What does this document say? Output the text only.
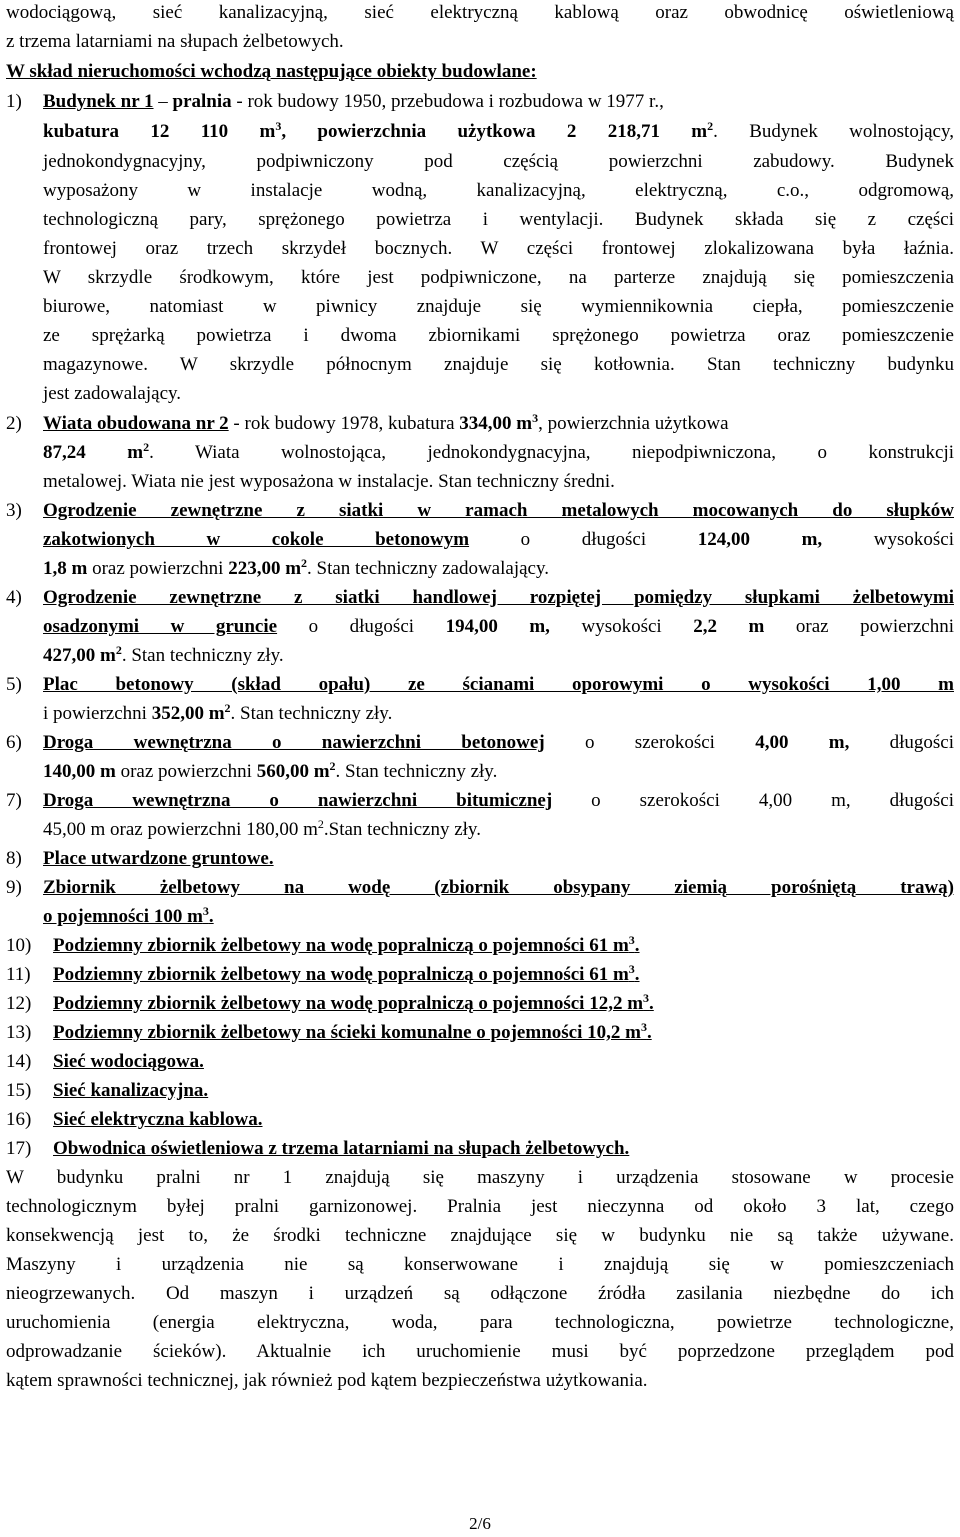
wodociągową, sieć kanalizacyjną, sieć elektryczną kablową oraz obwodnicę oświetleniową
z trzema latarniami na słupach żelbetowych.
W skład nieruchomości wchodzą następujące obiekty budowlane:
1) Budynek nr 1 – pralnia - rok budowy 1950, przebudowa i rozbudowa w 1977 r.,
kubatura 12 110 $m^3$, powierzchnia użytkowa 2 218,71 $m^2$. Budynek wolnostojący,
jednokondygnacyjny, podpiwniczony pod częścią powierzchni zabudowy. Budynek
wyposażony w instalacje wodną, kanalizacyjną, elektryczną, c.o., odgromową,
technologiczną pary, sprężonego powietrza i wentylacji. Budynek składa się z części
frontowej oraz trzech skrzydeł bocznych. W części frontowej zlokalizowana była łaźnia.
W skrzydle środkowym, które jest podpiwniczone, na parterze znajdują się pomieszczenia
biurowe, natomiast w piwnicy znajduje się wymiennikownia ciepła, pomieszczenie
ze sprężarką powietrza i dwoma zbiornikami sprężonego powietrza oraz pomieszczenie
magazynowe. W skrzydle północnym znajduje się kotłownia. Stan techniczny budynku
jest zadowalający.
2) Wiata obudowana nr 2 - rok budowy 1978, kubatura 334,00 $m^3$, powierzchnia użytkowa
87,24 $m^2$. Wiata wolnostojąca, jednokondygnacyjna, niepodpiwniczona, o konstrukcji
metalowej. Wiata nie jest wyposażona w instalacje. Stan techniczny średni.
3) Ogrodzenie zewnętrzne z siatki w ramach metalowych mocowanych do słupków
zakotwionych w cokole betonowym o długości 124,00 m, wysokości
1,8 m oraz powierzchni 223,00 $m^2$. Stan techniczny zadowalający.
4) Ogrodzenie zewnętrzne z siatki handlowej rozpiętej pomiędzy słupkami żelbetowymi
osadzonymi w gruncie o długości 194,00 m, wysokości 2,2 m oraz powierzchni
427,00 $m^2$. Stan techniczny zły.
5) Plac betonowy (skład opału) ze ścianami oporowymi o wysokości 1,00 m
i powierzchni 352,00 $m^2$. Stan techniczny zły.
6) Droga wewnętrzna o nawierzchni betonowej o szerokości 4,00 m, długości
140,00 m oraz powierzchni 560,00 $m^2$. Stan techniczny zły.
7) Droga wewnętrzna o nawierzchni bitumicznej o szerokości 4,00 m, długości
45,00 m oraz powierzchni 180,00 $m^2.Stan$ techniczny zły.
8) Place utwardzone gruntowe.
9) Zbiornik żelbetowy na wodę (zbiornik obsypany ziemią porośniętą trawą)
o pojemności 100 $m^3$.
10) Podziemny zbiornik żelbetowy na wodę popralniczą o pojemności 61 $m^3$.
11) Podziemny zbiornik żelbetowy na wodę popralniczą o pojemności 61 $m^3$.
12) Podziemny zbiornik żelbetowy na wodę popralniczą o pojemności 12,2 $m^3$.
13) Podziemny zbiornik żelbetowy na ścieki komunalne o pojemności 10,2 $m^3$.
14) Sieć wodociągowa.
15) Sieć kanalizacyjna.
16) Sieć elektryczna kablowa.
17) Obwodnica oświetleniowa z trzema latarniami na słupach żelbetowych.
W budynku pralni nr 1 znajdują się maszyny i urządzenia stosowane w procesie
technologicznym byłej pralni garnizonowej. Pralnia jest nieczynna od około 3 lat, czego
konsekwencją jest to, że środki techniczne znajdujące się w budynku nie są także używane.
Maszyny i urządzenia nie są konserwowane i znajdują się w pomieszczeniach
nieogrzewanych. Od maszyn i urządzeń są odłączone źródła zasilania niezbędne do ich
uruchomienia (energia elektryczna, woda, para technologiczna, powietrze technologiczne,
odprowadzanie ścieków). Aktualnie ich uruchomienie musi być poprzedzone przeglądem pod
kątem sprawności technicznej, jak również pod kątem bezpieczeństwa użytkowania.
2/6
